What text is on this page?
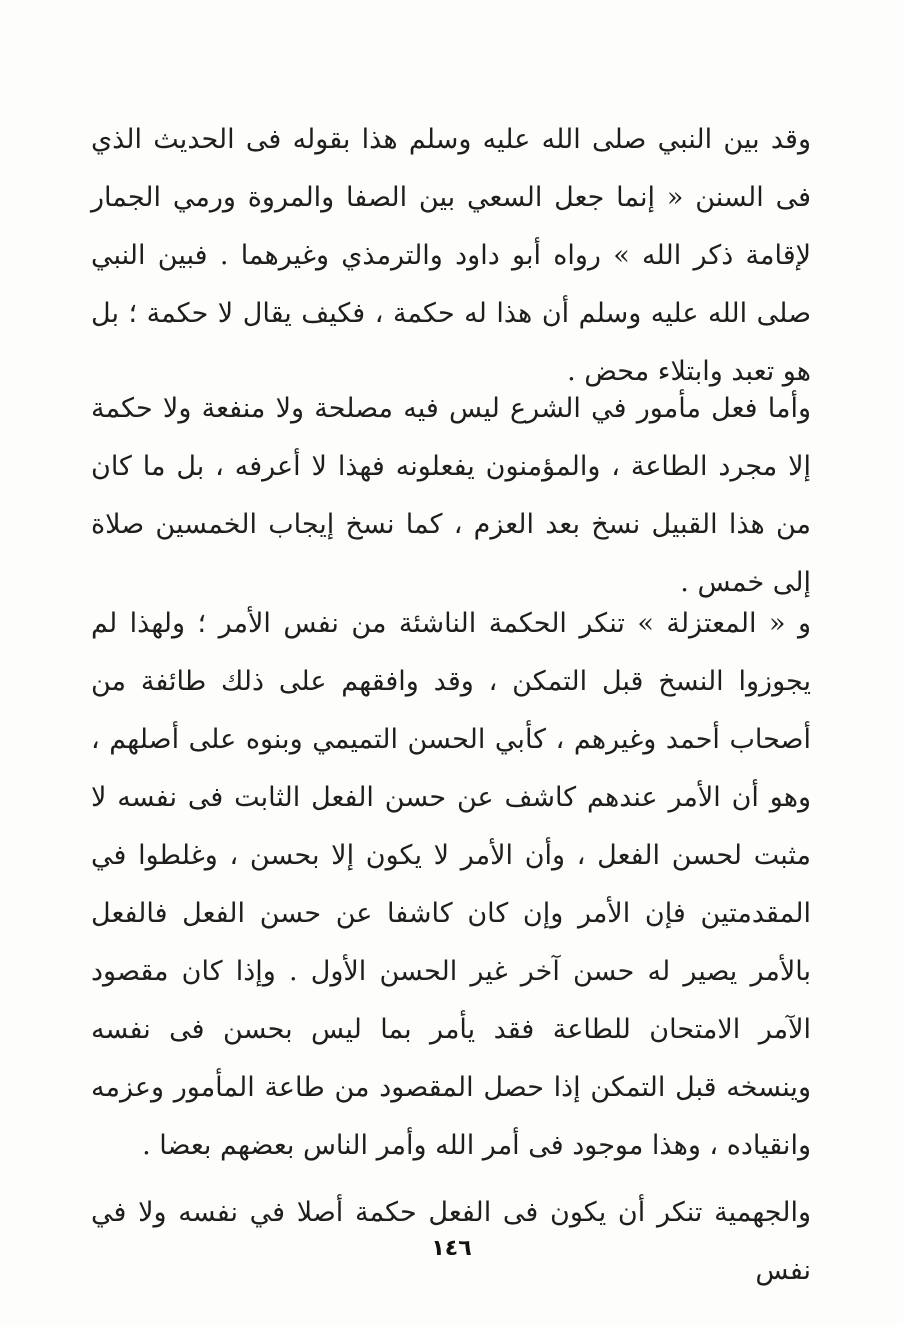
وقد بين النبي صلى الله عليه وسلم هذا بقوله فى الحديث الذي فى السنن « إنما جعل السعي بين الصفا والمروة ورمي الجمار لإقامة ذكر الله » رواه أبو داود والترمذي وغيرهما . فبين النبي صلى الله عليه وسلم أن هذا له حكمة ، فكيف يقال لا حكمة ؛ بل هو تعبد وابتلاء محض .

وأما فعل مأمور في الشرع ليس فيه مصلحة ولا منفعة ولا حكمة إلا مجرد الطاعة ، والمؤمنون يفعلونه فهذا لا أعرفه ، بل ما كان من هذا القبيل نسخ بعد العزم ، كما نسخ إيجاب الخمسين صلاة إلى خمس .

و « المعتزلة » تنكر الحكمة الناشئة من نفس الأمر ؛ ولهذا لم يجوزوا النسخ قبل التمكن ، وقد وافقهم على ذلك طائفة من أصحاب أحمد وغيرهم ، كأبي الحسن التميمي وبنوه على أصلهم ، وهو أن الأمر عندهم كاشف عن حسن الفعل الثابت فى نفسه لا مثبت لحسن الفعل ، وأن الأمر لا يكون إلا بحسن ، وغلطوا في المقدمتين فإن الأمر وإن كان كاشفا عن حسن الفعل فالفعل بالأمر يصير له حسن آخر غير الحسن الأول . وإذا كان مقصود الآمر الامتحان للطاعة فقد يأمر بما ليس بحسن فى نفسه وينسخه قبل التمكن إذا حصل المقصود من طاعة المأمور وعزمه وانقياده ، وهذا موجود فى أمر الله وأمر الناس بعضهم بعضا .

والجهمية تنكر أن يكون فى الفعل حكمة أصلا في نفسه ولا في نفس

١٤٦
